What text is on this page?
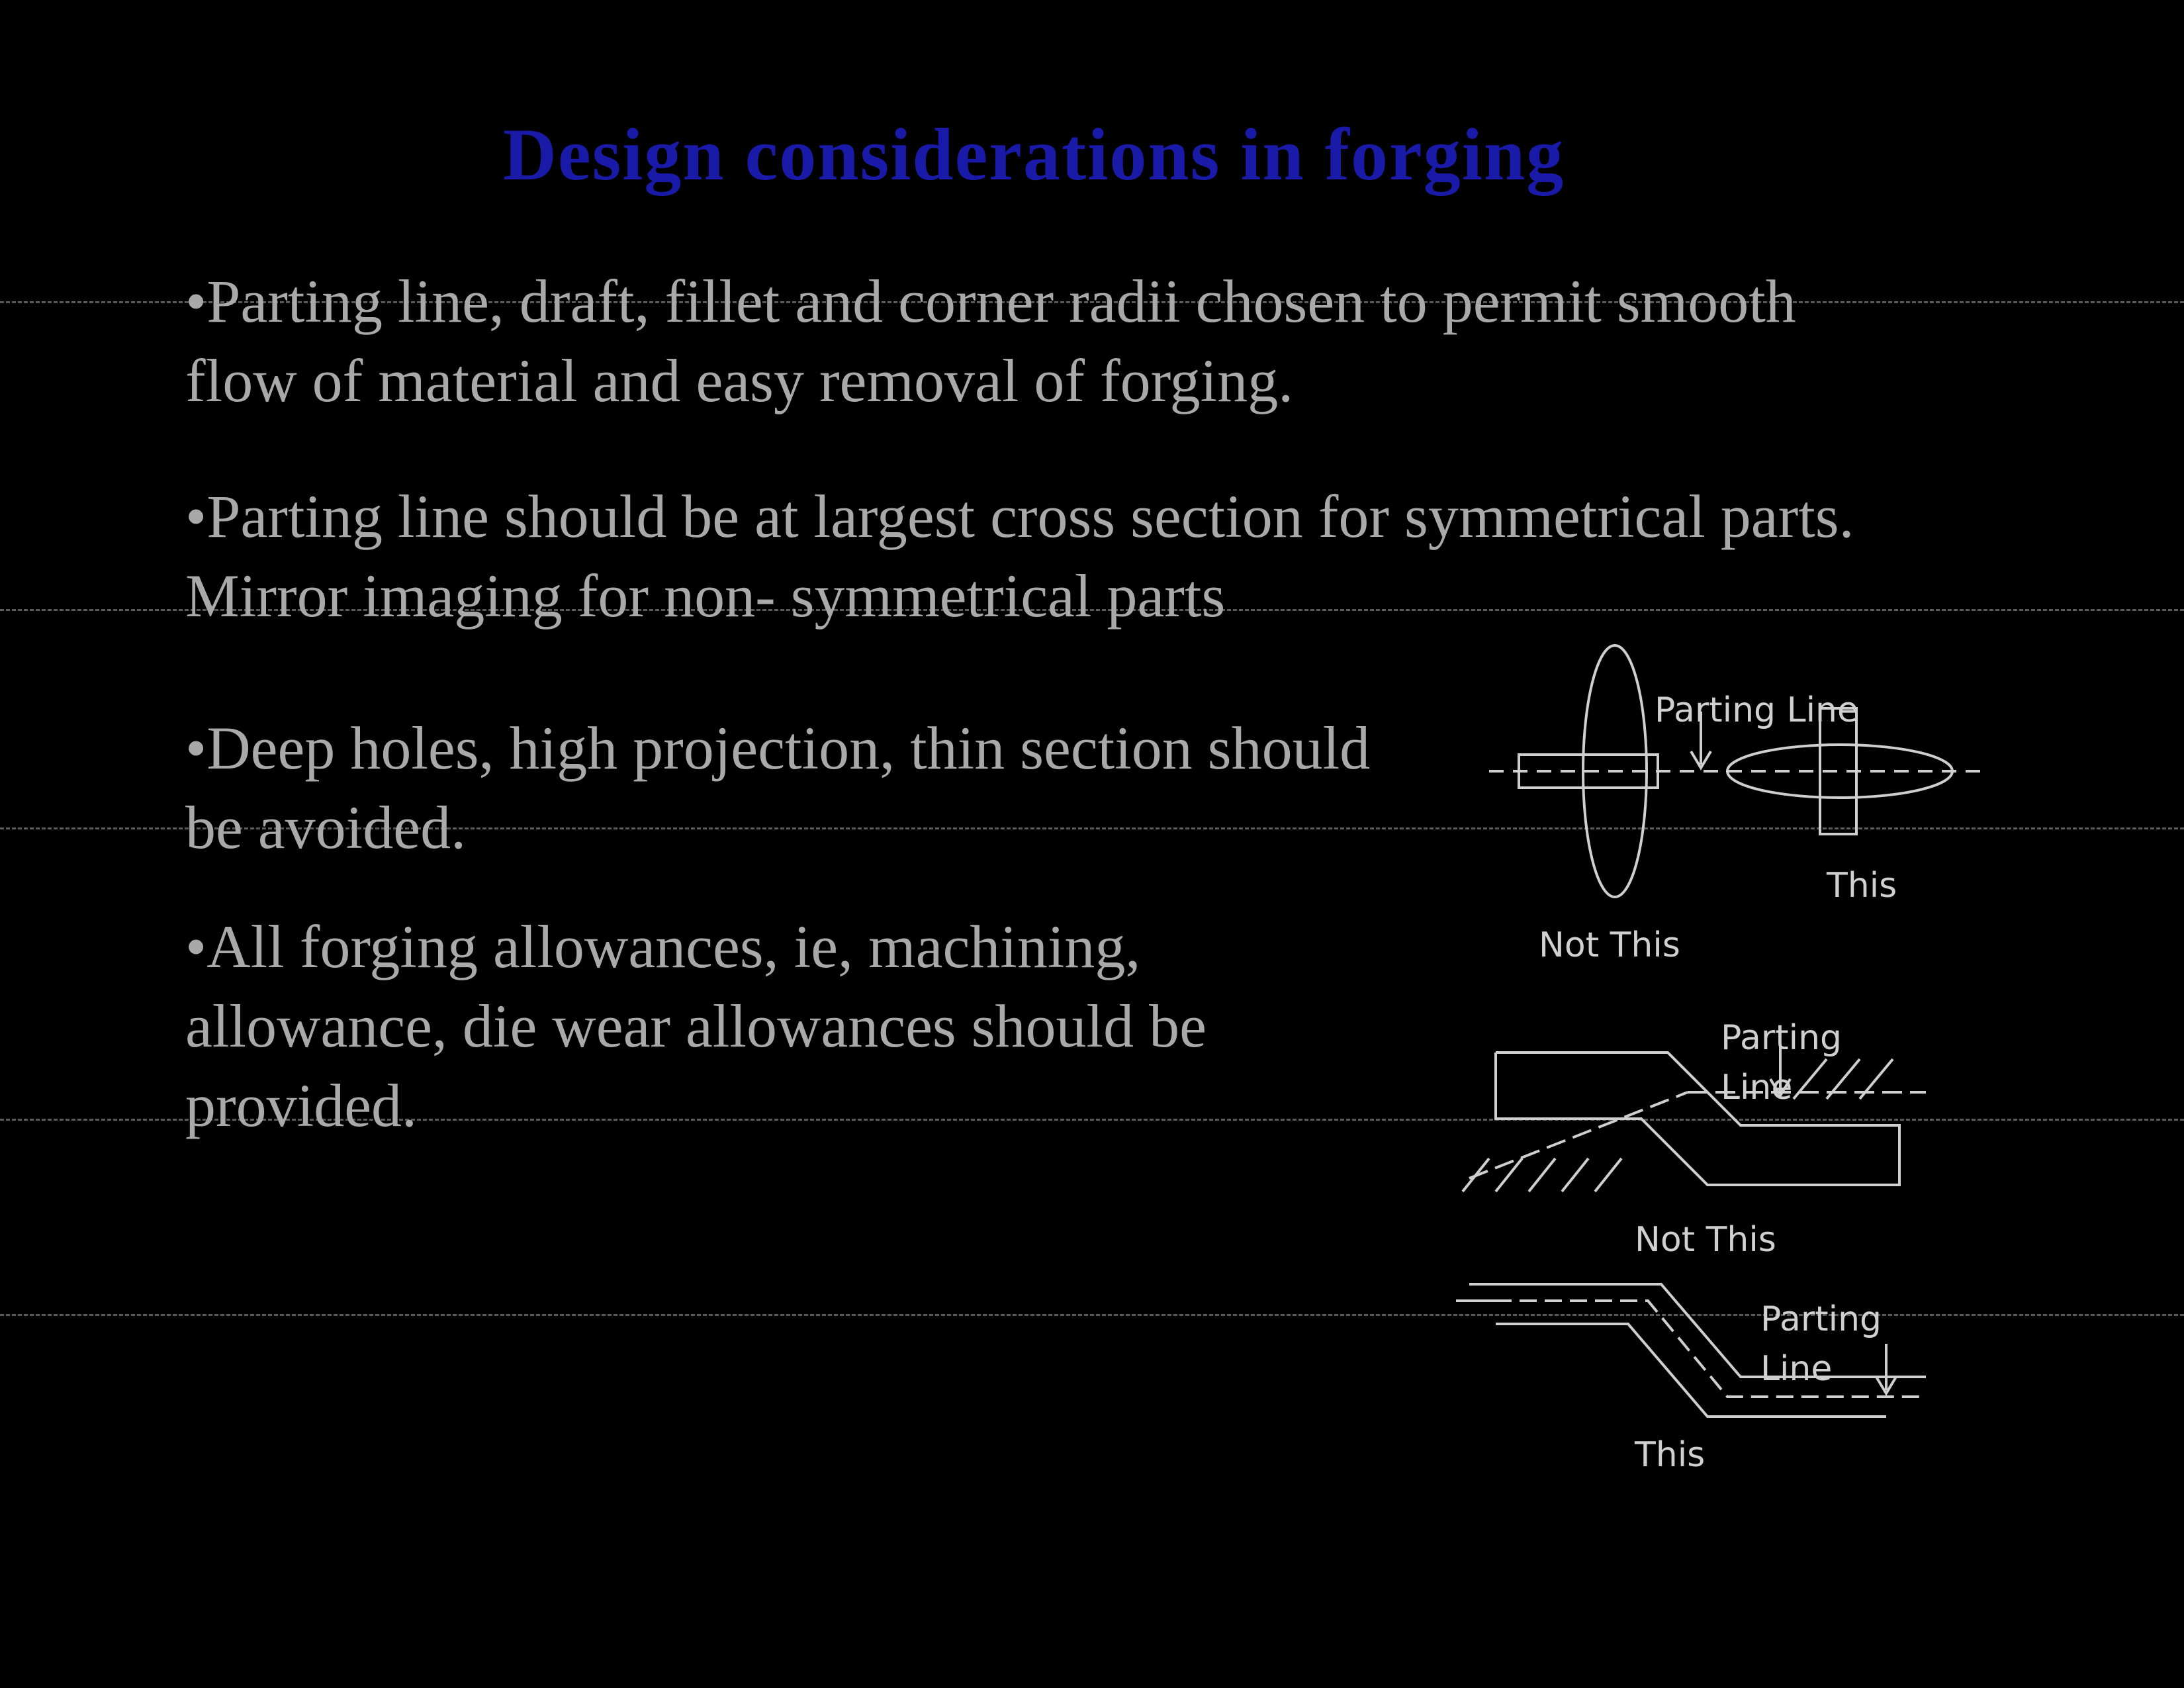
Design considerations in forging
•Parting line, draft, fillet and corner radii chosen to permit smooth flow of material and easy removal of forging.
•Parting line should be at largest cross section for symmetrical parts. Mirror imaging for non- symmetrical parts
•Deep holes, high projection, thin section should be avoided.
•All forging allowances, ie, machining, allowance, die wear allowances should be provided.
Parting Line
Not This
This
Parting
Line
Not This
Parting
Line
This
